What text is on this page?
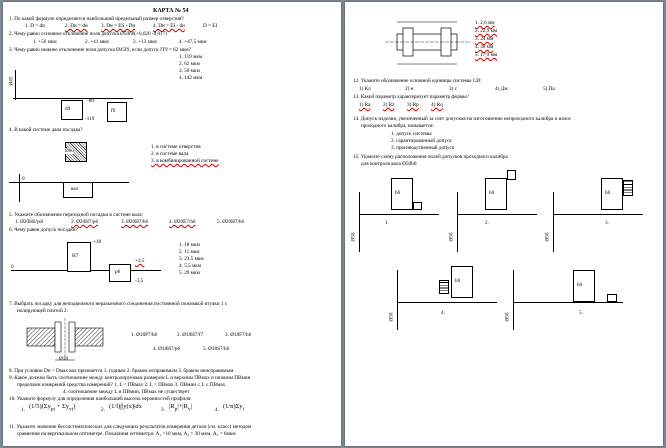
КАРТА № 54
1. По какой формуле определяется наибольший предельный размер отверстия?
1. D = dн	2. Dн = dн	3. Dн = ES - Dн	4. Dн = EI - dн	D = EI
2. Чему равно основное отклонение поля допуска Ø50h6(+0,020 -0,017)
1. +56 мкм	2. +41 мкм	3. +13 мкм	4. +47,5 мкм
3. Чему равно нижнее отклонение поля допуска Ø45f9, если допуск IT9 = 62 мкм?
Ø45
d9	f9
-80
-119
1. 119 мкм
2. 62 мкм
3. 50 мкм
4. 142 мкм
4. В какой системе дана посадка?
Ø60
1. в системе отверстия
2. в системе вала
3. в комбинированной системе
0
вал
5. Укажите обозначение переходной посадки в системе вала:
1. Ø20H6/js8	2. Ø20H7/p6	3. Ø20H7/h6	4. Ø20E7/h6	5. Ø20H7/h6
6. Чему равен допуск посадки?
0
H7
+18
p6
+3,5
-3,5
1. 18 мкм
2. 11 мкм
3. 23,5 мкм
4. 5,5 мкм
5. 29 мкм
7. Выбрать посадку для неподвижного неразъемного соединения постоянной пожимкой втулки 1 с
нолирующей плитой 2:
Ø18
1. Ø18P7/h6	2. Ø18H7/f7	3. Ø18F7/h6
4. Ø18H7/p6	5. Ø18S7/h6
8. При условии Dн > Dмах вал признается 1. годным 2. браком исправимым 3. браком неисправимым
9. Какое должно быть соотношение между контролируемым размером L и верхним ПВмах и нижним ПВмин
пределами измерений средства измерений? 1. L < ПВмах 2. L < ПВмах 3. ПВмин ≤ L ≤ ПВмах
4. соотношение между L и ПВмин, ПВмах не существует
10. Укажите формулу для определения наибольшей высоты неровностей профиля:
1. $(1/5)(\Sigma y_{pi} + \Sigma y_{vi})$	2. (1/l)∫|y(x)|dx	3. $|R_p|+|R_v|$	4. $(1/n)\Sigma y_i$
11. Укажите значение бессистематических для следующих результатов измерения детали (см. класс) методом
сравнения на вертикальном оптиметре. Показания оптиметра: A₁ =10 мкм, A₂ = 30 мкм, A₃ = 6мкм
1. 2,6 мм
2. 22,9 мм
3. 24 мм
4. 30 мм
5. 17,9 мм
12. Укажите обозначение основной единицы системы СИ:
1) Кл	2) н	3) с	4) Дж	5) Па
13. Какой параметр характеризует параметр формы?
1) Ra 2) Rz 3) Rp 4) Rq
14. Допуск изделия, увеличенный за счет допусков на изготовление непроходного калибра и износ
проходного калибра, называется:
1. допуск системы
2. гарантированный допуск
3. производственный допуск
15. Укажите схему расположения полей допусков проходного калибра
для контроля вала Ø50h6:
Ø50
h6
1.
Ø50
h6
2.
Ø50
h6
3.
Ø50
h6
4.	Ø50
h6
5.
